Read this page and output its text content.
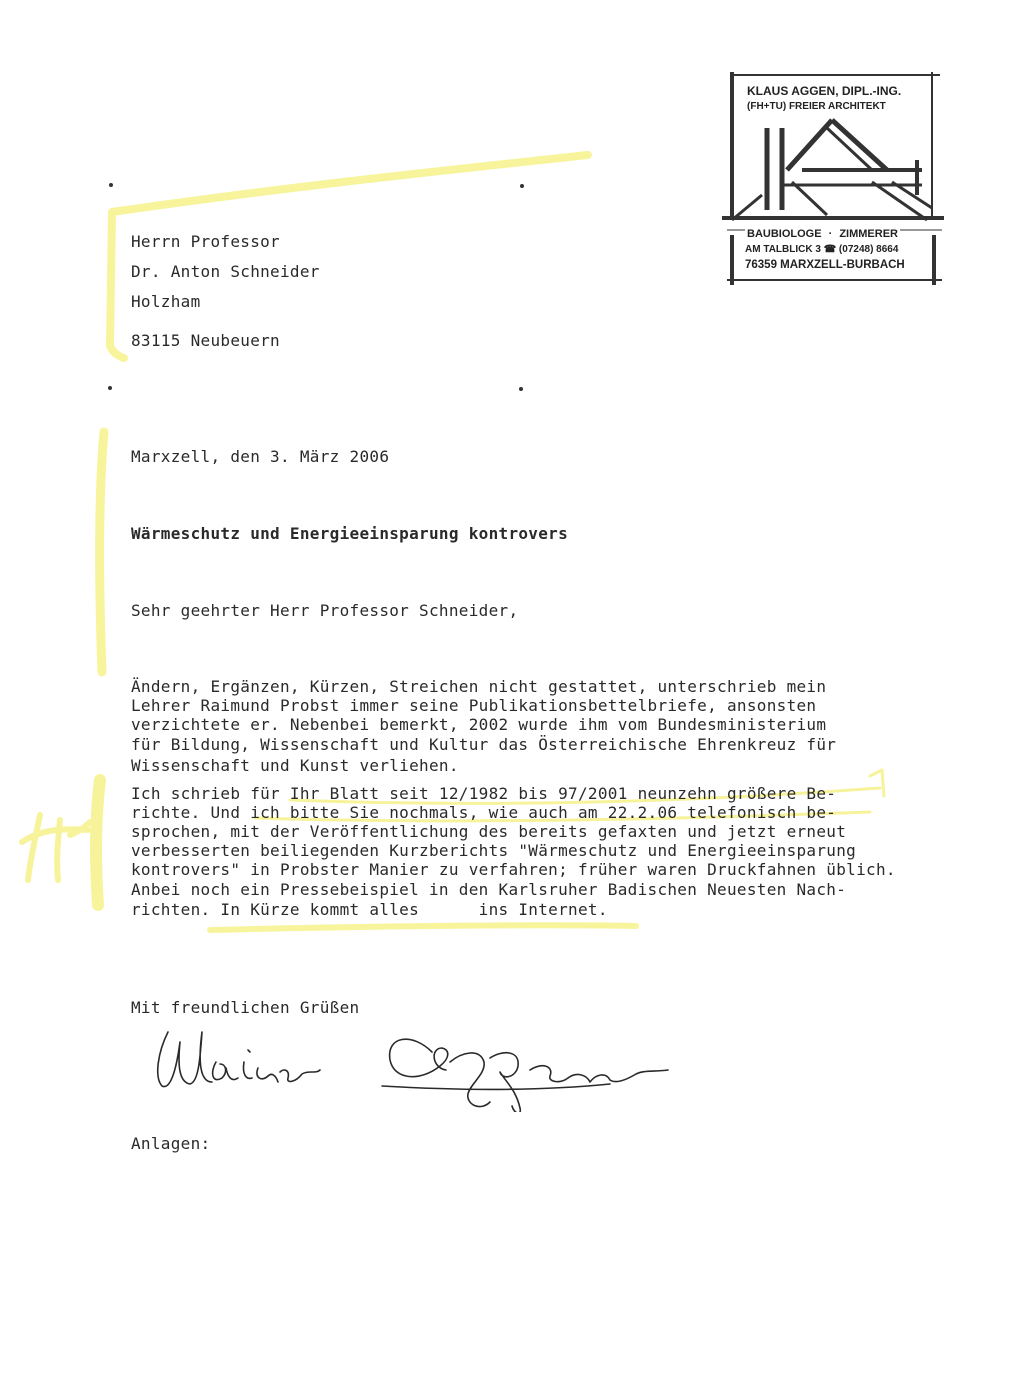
KLAUS AGGEN, DIPL.-ING.
(FH+TU) FREIER ARCHITEKT
BAUBIOLOGE · ZIMMERER
AM TALBLICK 3 ☎ (07248) 8664
76359 MARXZELL-BURBACH
Herrn Professor
Dr. Anton Schneider
Holzham
83115 Neubeuern
Marxzell, den 3. März 2006
Wärmeschutz und Energieeinsparung kontrovers
Sehr geehrter Herr Professor Schneider,
Ändern, Ergänzen, Kürzen, Streichen nicht gestattet, unterschrieb mein
Lehrer Raimund Probst immer seine Publikationsbettelbriefe, ansonsten
verzichtete er. Nebenbei bemerkt, 2002 wurde ihm vom Bundesministerium
für Bildung, Wissenschaft und Kultur das Österreichische Ehrenkreuz für
Wissenschaft und Kunst verliehen.
Ich schrieb für Ihr Blatt seit 12/1982 bis 97/2001 neunzehn größere Be-
richte. Und ich bitte Sie nochmals, wie auch am 22.2.06 telefonisch be-
sprochen, mit der Veröffentlichung des bereits gefaxten und jetzt erneut
verbesserten beiliegenden Kurzberichts "Wärmeschutz und Energieeinsparung
kontrovers" in Probster Manier zu verfahren; früher waren Druckfahnen üblich.
Anbei noch ein Pressebeispiel in den Karlsruher Badischen Neuesten Nach-
richten. In Kürze kommt alles      ins Internet.
Mit freundlichen Grüßen
Anlagen:
